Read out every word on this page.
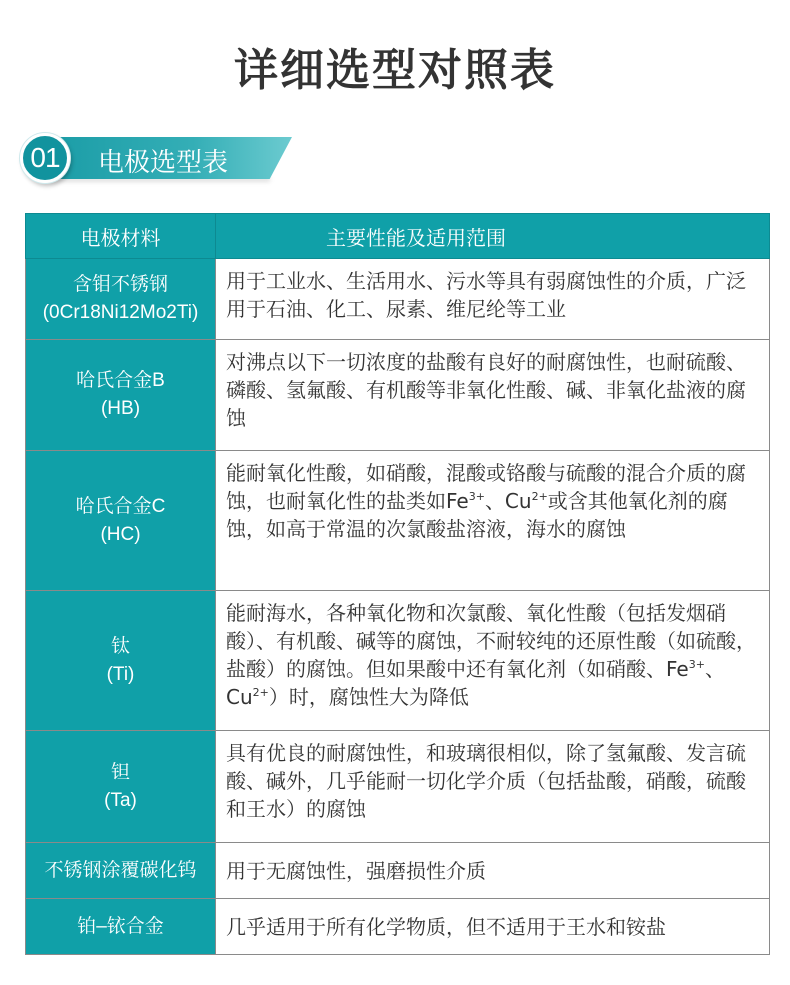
详细选型对照表
01	电极选型表
电极材料	主要性能及适用范围
含钼不锈钢
(0Cr18Ni12Mo2Ti)	用于工业水、生活用水、污水等具有弱腐蚀性的介质，广泛用于石油、化工、尿素、维尼纶等工业
哈氏合金B
(HB)	对沸点以下一切浓度的盐酸有良好的耐腐蚀性，也耐硫酸、磷酸、氢氟酸、有机酸等非氧化性酸、碱、非氧化盐液的腐蚀
哈氏合金C
(HC)	能耐氧化性酸，如硝酸，混酸或铬酸与硫酸的混合介质的腐蚀，也耐氧化性的盐类如$Fe^{3+}$、$Cu^{2+}$或含其他氧化剂的腐蚀，如高于常温的次氯酸盐溶液，海水的腐蚀
钛
(Ti)	能耐海水，各种氧化物和次氯酸、氧化性酸（包括发烟硝酸）、有机酸、碱等的腐蚀，不耐较纯的还原性酸（如硫酸，盐酸）的腐蚀。但如果酸中还有氧化剂（如硝酸、$Fe^{3+}$、$Cu^{2+}$）时，腐蚀性大为降低
钽
(Ta)	具有优良的耐腐蚀性，和玻璃很相似，除了氢氟酸、发言硫酸、碱外，几乎能耐一切化学介质（包括盐酸，硝酸，硫酸和王水）的腐蚀
不锈钢涂覆碳化钨	用于无腐蚀性，强磨损性介质
铂–铱合金	几乎适用于所有化学物质，但不适用于王水和铵盐
